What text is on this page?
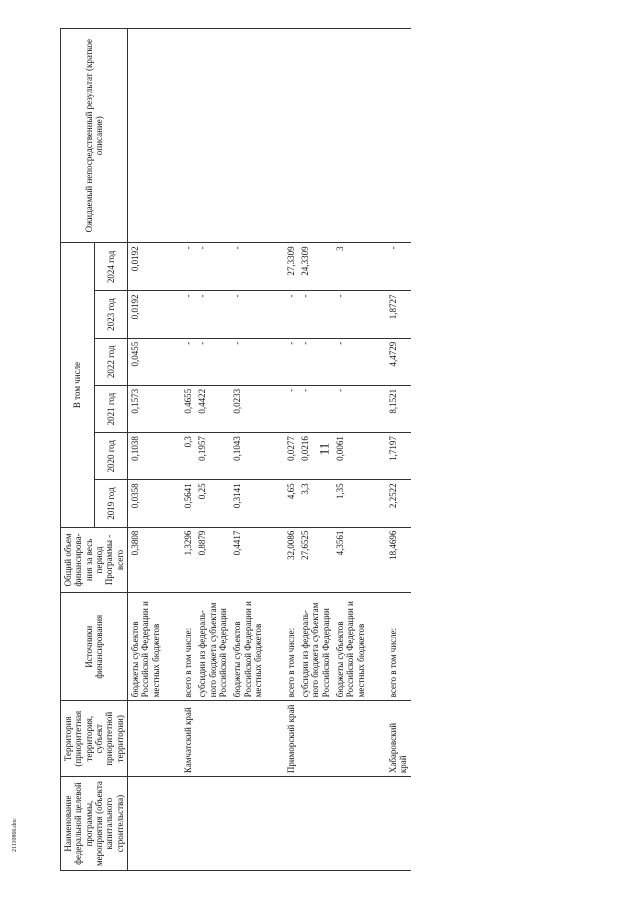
11
21110866.doc	Наименование федеральной целевой программы, мероприятия (объекта капитального строительства)	Территория (приоритетная территория, субъект приоритетной территории)	Источники финансирования	Общий объем финансирова-ния за весь период Программы - всего	В том числе						Ожидаемый непосредственный результат (краткое описание)
				2019 год	2020 год	2021 год	2022 год	2023 год	2024 год	
		бюджеты субъектов Российской Федерации и местных бюджетов	0,3808	0,0358	0,1038	0,1573	0,0455	0,0192	0,0192	

	Камчатский край	всего в том числе:	1,3296	0,5641	0,3	0,4655	-	-	-	
		субсидии из федераль-ного бюджета субъектам Российской Федерации	0,8879	0,25	0,1957	0,4422	-	-	-	
		бюджеты субъектов Российской Федерации и местных бюджетов	0,4417	0,3141	0,1043	0,0233	-	-	-	

	Приморский край	всего в том числе:	32,0086	4,65	0,0277	-	-	-	27,3309	
		субсидии из федераль-ного бюджета субъектам Российской Федерации	27,6525	3,3	0,0216	-	-	-	24,3309	
		бюджеты субъектов Российской Федерации и местных бюджетов	4,3561	1,35	0,0061	-	-	-	3	

	Хабаровский край	всего в том числе:	18,4696	2,2522	1,7197	8,1521	4,4729	1,8727	-	
